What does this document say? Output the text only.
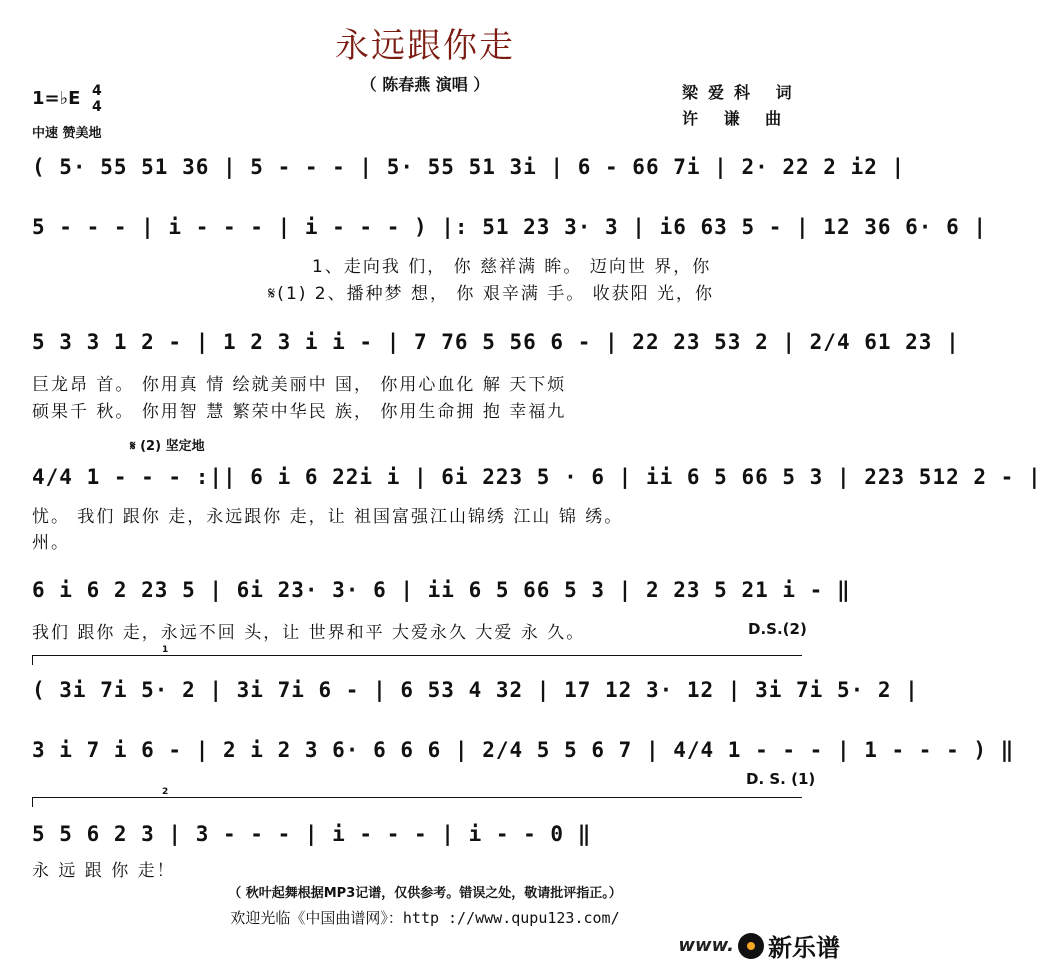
永远跟你走
（ 陈春燕 演唱 ）	梁爱科 词
许 谦 曲
1=♭E 4
4
中速 赞美地
( 5· 55 51 36 | 5 - - - | 5· 55 51 3i | 6 - 66 7i | 2· 22 2 i2 |
5 - - - | i - - - | i - - - ) |: 51 23 3· 3 | i6 63 5 - | 12 36 6· 6 |
1、走向我 们， 你 慈祥满 眸。 迈向世 界，你
𝄋(1) 2、播种梦 想， 你 艰辛满 手。 收获阳 光，你
5 3 3 1 2 - | 1 2 3 i i - | 7 76 5 56 6 - | 22 23 53 2 | 2/4 61 23 |
巨龙昂 首。 你用真 情 绘就美丽中 国， 你用心血化 解 天下烦
硕果千 秋。 你用智 慧 繁荣中华民 族， 你用生命拥 抱 幸福九
𝄋 (2) 坚定地
4/4 1 - - - :|| 6 i 6 22i i | 6i 223 5 · 6 | ii 6 5 66 5 3 | 223 512 2 - |
忧。 我们 跟你 走，永远跟你 走，让 祖国富强江山锦绣 江山 锦 绣。
州。
6 i 6 2 23 5 | 6i 23· 3· 6 | ii 6 5 66 5 3 | 2 23 5 21 i - ‖
我们 跟你 走，永远不回 头，让 世界和平 大爱永久 大爱 永 久。	D.S.(2)
1
( 3i 7i 5· 2 | 3i 7i 6 - | 6 53 4 32 | 17 12 3· 12 | 3i 7i 5· 2 |
3 i 7 i 6 - | 2 i 2 3 6· 6 6 6 | 2/4 5 5 6 7 | 4/4 1 - - - | 1 - - - ) ‖
D. S. (1)
2
5 5 6 2 3 | 3 - - - | i - - - | i - - 0 ‖
永 远 跟 你 走！
（ 秋叶起舞根据MP3记谱，仅供参考。错误之处，敬请批评指正。）
欢迎光临《中国曲谱网》：http ://www.qupu123.com/
www. 新乐谱
